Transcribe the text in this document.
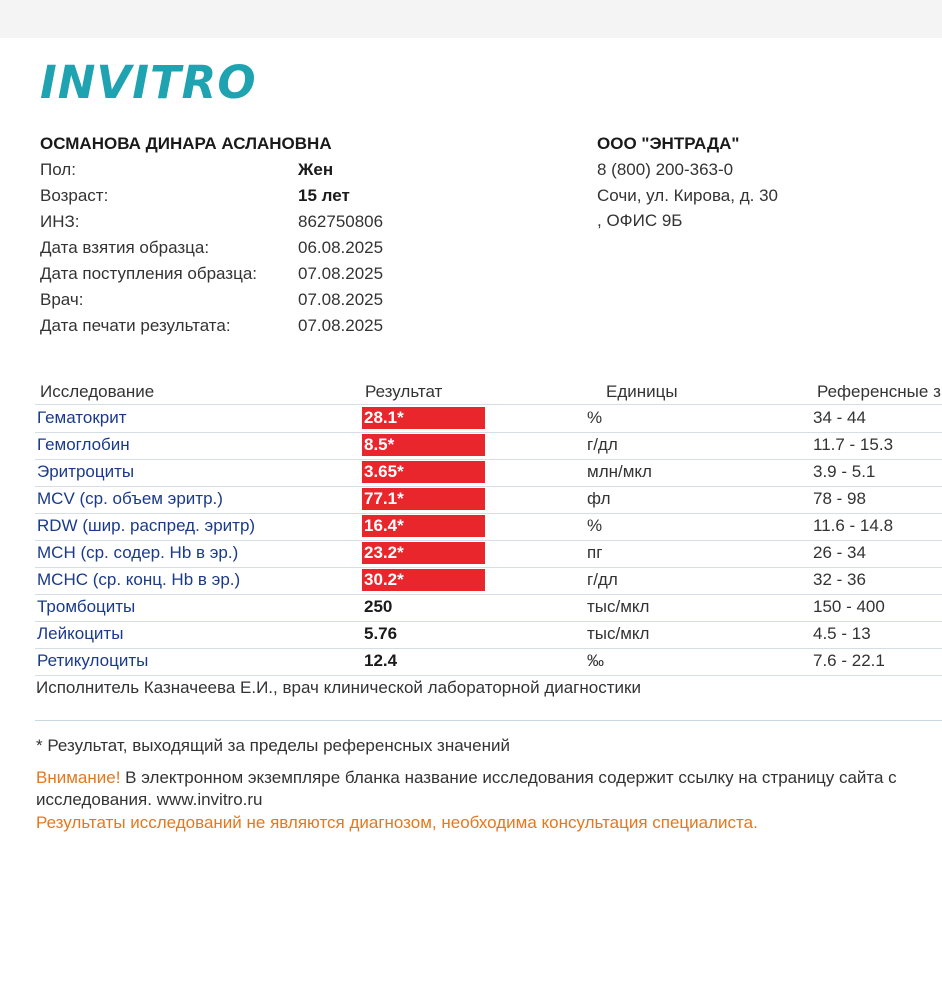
INVITRO
ОСМАНОВА ДИНАРА АСЛАНОВНА
Пол:	Жен
Возраст:	15 лет
ИНЗ:	862750806
Дата взятия образца:	06.08.2025
Дата поступления образца: 07.08.2025
Врач:	07.08.2025
Дата печати результата:	07.08.2025
ООО "ЭНТРАДА"
8 (800) 200-363-0
Сочи, ул. Кирова, д. 30
, ОФИС 9Б
Исследование	Результат	Единицы	Референсные з
Гематокрит	28.1*	%	34 - 44
Гемоглобин	8.5*	г/дл	11.7 - 15.3
Эритроциты	3.65*	млн/мкл	3.9 - 5.1
MCV (ср. объем эритр.)	77.1*	фл	78 - 98
RDW (шир. распред. эритр)	16.4*	%	11.6 - 14.8
MCH (ср. содер. Hb в эр.)	23.2*	пг	26 - 34
MCHC (ср. конц. Hb в эр.)	30.2*	г/дл	32 - 36
Тромбоциты	250	тыс/мкл	150 - 400
Лейкоциты	5.76	тыс/мкл	4.5 - 13
Ретикулоциты	12.4	‰	7.6 - 22.1
Исполнитель Казначеева Е.И., врач клинической лабораторной диагностики
* Результат, выходящий за пределы референсных значений
Внимание! В электронном экземпляре бланка название исследования содержит ссылку на страницу сайта с
исследования. www.invitro.ru
Результаты исследований не являются диагнозом, необходима консультация специалиста.
